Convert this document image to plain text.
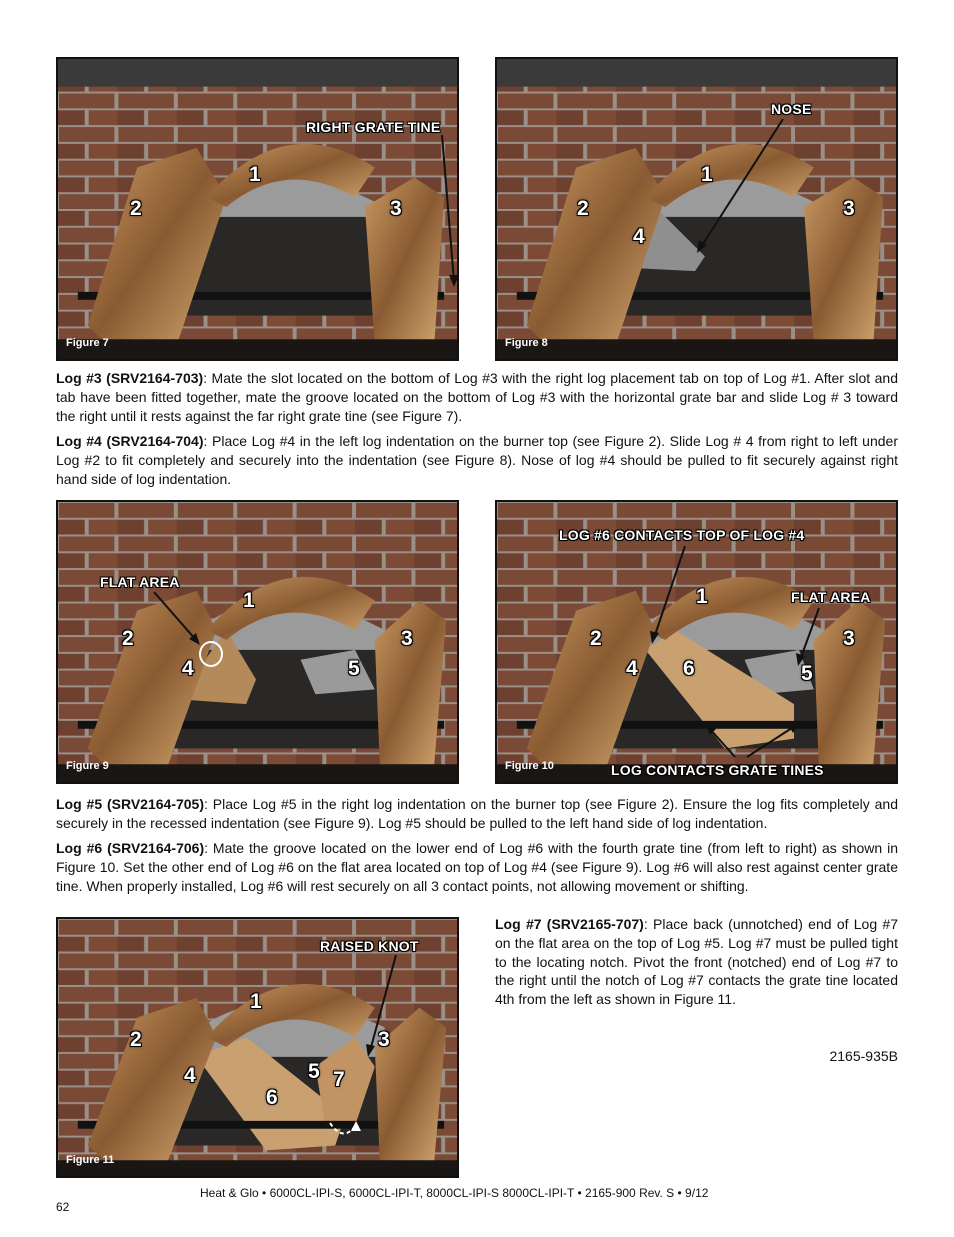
Figure 7
RIGHT GRATE TINE
1
2	3
Figure 8
NOSE
1
2	3
4
Log #3 (SRV2164-703): Mate the slot located on the bottom of Log #3 with the right log placement tab on top of Log #1. After slot and tab have been fitted together, mate the groove located on the bottom of Log #3 with the horizontal grate bar and slide Log # 3 toward the right until it rests against the far right grate tine (see Figure 7).
Log #4 (SRV2164-704): Place Log #4 in the left log indentation on the burner top (see Figure 2). Slide Log # 4 from right to left under Log #2 to fit completely and securely into the indentation (see Figure 8). Nose of log #4 should be pulled to fit securely against right hand side of log indentation.
Figure 9
FLAT AREA
1
2	3
4	5
Figure 10
LOG #6 CONTACTS TOP OF LOG #4
FLAT AREA
LOG CONTACTS GRATE TINES
1
2	3
4	5
6
Log #5 (SRV2164-705): Place Log #5 in the right log indentation on the burner top (see Figure 2). Ensure the log fits completely and securely in the recessed indentation (see Figure 9). Log #5 should be pulled to the left hand side of log indentation.
Log #6 (SRV2164-706): Mate the groove located on the lower end of Log #6 with the fourth grate tine (from left to right) as shown in Figure 10. Set the other end of Log #6 on the flat area located on top of Log #4 (see Figure 9). Log #6 will also rest against center grate tine. When properly installed, Log #6 will rest securely on all 3 contact points, not allowing movement or shifting.
Figure 11
RAISED KNOT
1
2	3
4	5
6
7
Log #7 (SRV2165-707): Place back (unnotched) end of Log #7 on the flat area on the top of Log #5. Log #7 must be pulled tight to the locating notch. Pivot the front (notched) end of Log #7 to the right until the notch of Log #7 contacts the grate tine located 4th from the left as shown in Figure 11.
2165-935B
Heat & Glo • 6000CL-IPI-S, 6000CL-IPI-T, 8000CL-IPI-S 8000CL-IPI-T • 2165-900 Rev. S • 9/12
62
